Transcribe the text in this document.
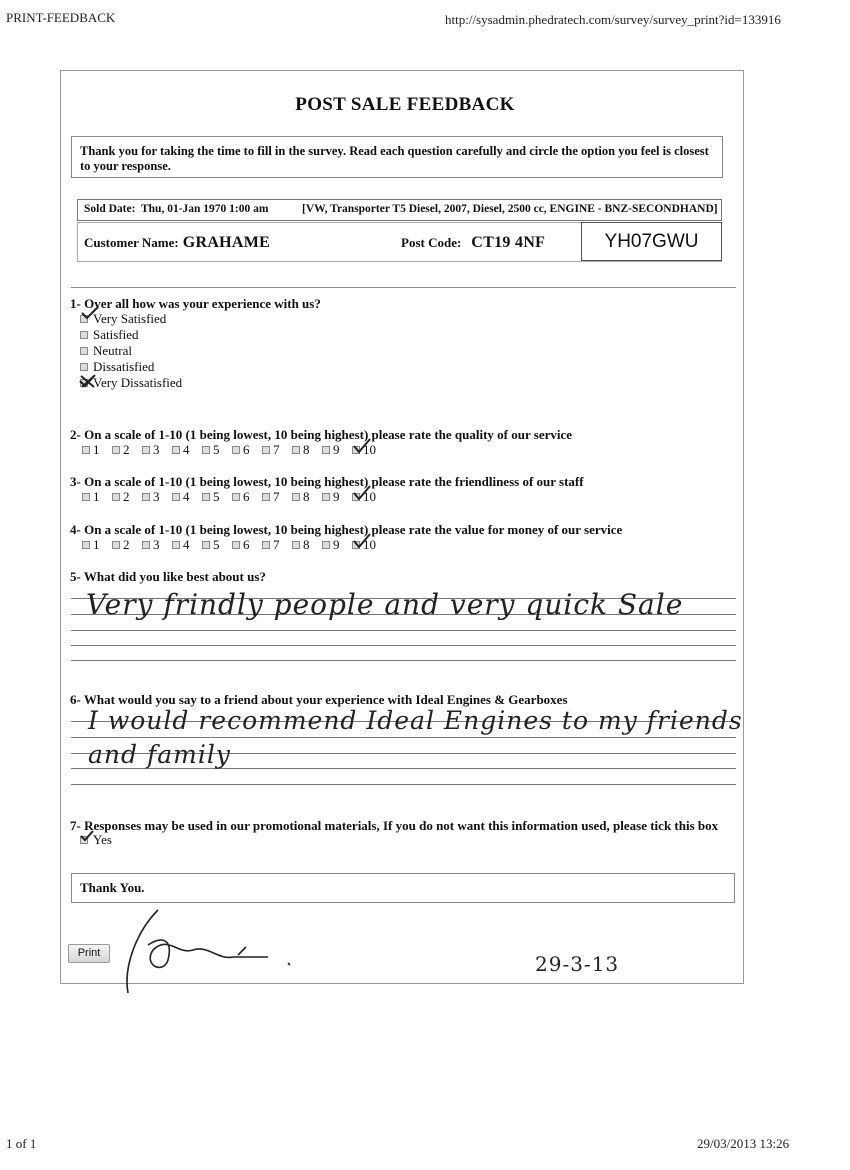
PRINT-FEEDBACK	http://sysadmin.phedratech.com/survey/survey_print?id=133916
POST SALE FEEDBACK
Thank you for taking the time to fill in the survey. Read each question carefully and circle the option you feel is closest to your response.
Sold Date: Thu, 01-Jan 1970 1:00 am	[VW, Transporter T5 Diesel, 2007, Diesel, 2500 cc, ENGINE - BNZ-SECONDHAND]
Customer Name: GRAHAME	Post Code: CT19 4NF	YH07GWU
1- Over all how was your experience with us?
Very Satisfied
Satisfied
Neutral
Dissatisfied
Very Dissatisfied
2- On a scale of 1-10 (1 being lowest, 10 being highest) please rate the quality of our service
1 2 3 4 5 6 7 8 9 10
3- On a scale of 1-10 (1 being lowest, 10 being highest) please rate the friendliness of our staff
1 2 3 4 5 6 7 8 9 10
4- On a scale of 1-10 (1 being lowest, 10 being highest) please rate the value for money of our service
1 2 3 4 5 6 7 8 9 10
5- What did you like best about us?
Very frindly people and very quick Sale
6- What would you say to a friend about your experience with Ideal Engines & Gearboxes
I would recommend Ideal Engines to my friends
and family
7- Responses may be used in our promotional materials, If you do not want this information used, please tick this box
Yes
Thank You.
Print	29-3-13
1 of 1	29/03/2013 13:26
